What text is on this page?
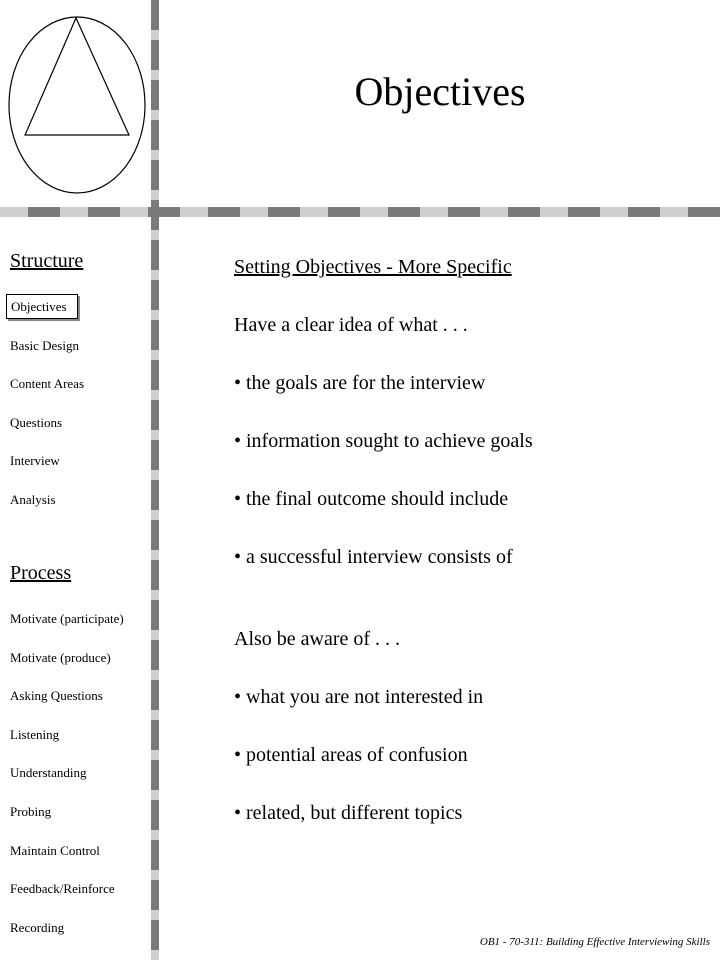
Objectives
Structure
Objectives
Basic Design
Content Areas
Questions
Interview
Analysis
Process
Motivate (participate)
Motivate (produce)
Asking Questions
Listening
Understanding
Probing
Maintain Control
Feedback/Reinforce
Recording
Setting Objectives - More Specific
Have a clear idea of what . . .
• the goals are for the interview
• information sought to achieve goals
• the final outcome should include
• a successful interview consists of
Also be aware of . . .
• what you are not interested in
• potential areas of confusion
• related, but different topics
OB1 - 70-311: Building Effective Interviewing Skills
